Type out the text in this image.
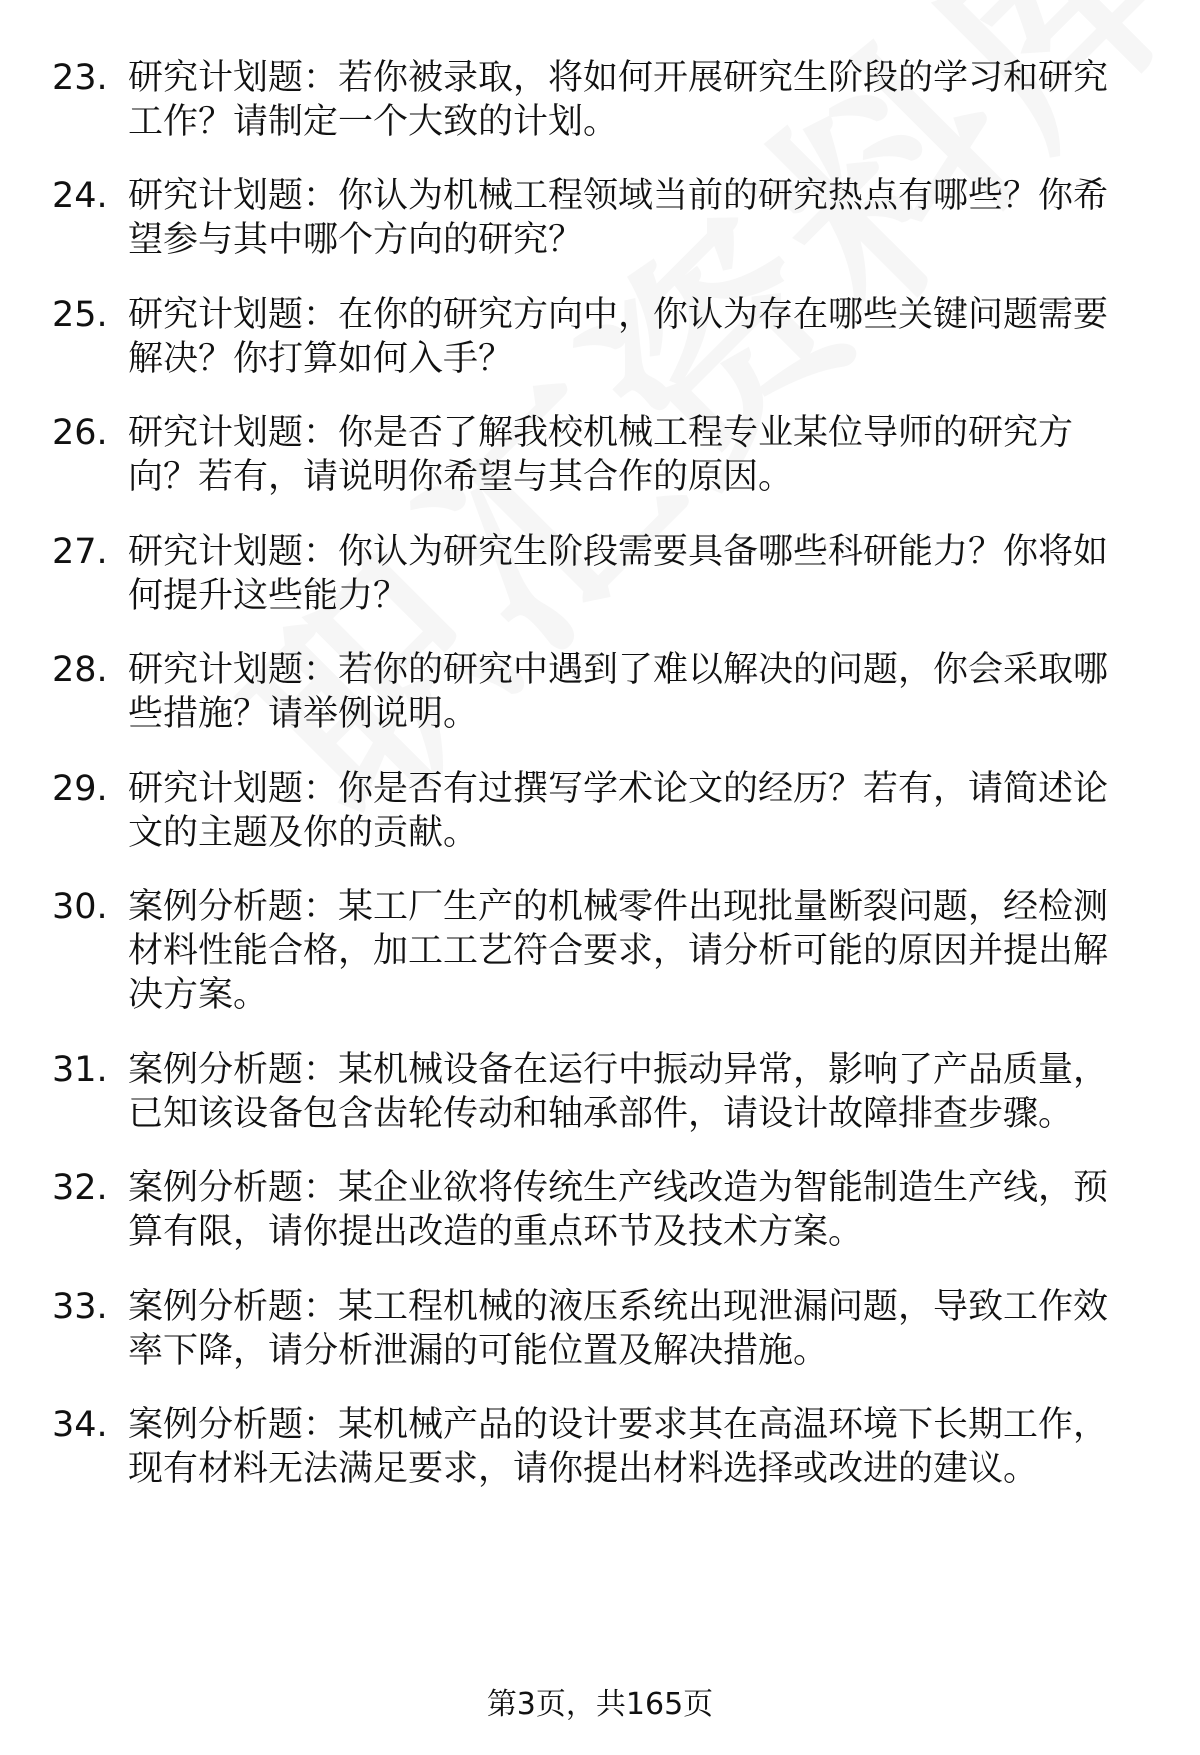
23. 研究计划题：若你被录取，将如何开展研究生阶段的学习和研究
工作？请制定一个大致的计划。
24. 研究计划题：你认为机械工程领域当前的研究热点有哪些？你希
望参与其中哪个方向的研究？
25. 研究计划题：在你的研究方向中，你认为存在哪些关键问题需要
解决？你打算如何入手？
26. 研究计划题：你是否了解我校机械工程专业某位导师的研究方
向？若有，请说明你希望与其合作的原因。
27. 研究计划题：你认为研究生阶段需要具备哪些科研能力？你将如
何提升这些能力？
28. 研究计划题：若你的研究中遇到了难以解决的问题，你会采取哪
些措施？请举例说明。
29. 研究计划题：你是否有过撰写学术论文的经历？若有，请简述论
文的主题及你的贡献。
30. 案例分析题：某工厂生产的机械零件出现批量断裂问题，经检测
材料性能合格，加工工艺符合要求，请分析可能的原因并提出解
决方案。
31. 案例分析题：某机械设备在运行中振动异常，影响了产品质量，
已知该设备包含齿轮传动和轴承部件，请设计故障排查步骤。
32. 案例分析题：某企业欲将传统生产线改造为智能制造生产线，预
算有限，请你提出改造的重点环节及技术方案。
33. 案例分析题：某工程机械的液压系统出现泄漏问题，导致工作效
率下降，请分析泄漏的可能位置及解决措施。
34. 案例分析题：某机械产品的设计要求其在高温环境下长期工作，
现有材料无法满足要求，请你提出材料选择或改进的建议。
第3页，共165页
